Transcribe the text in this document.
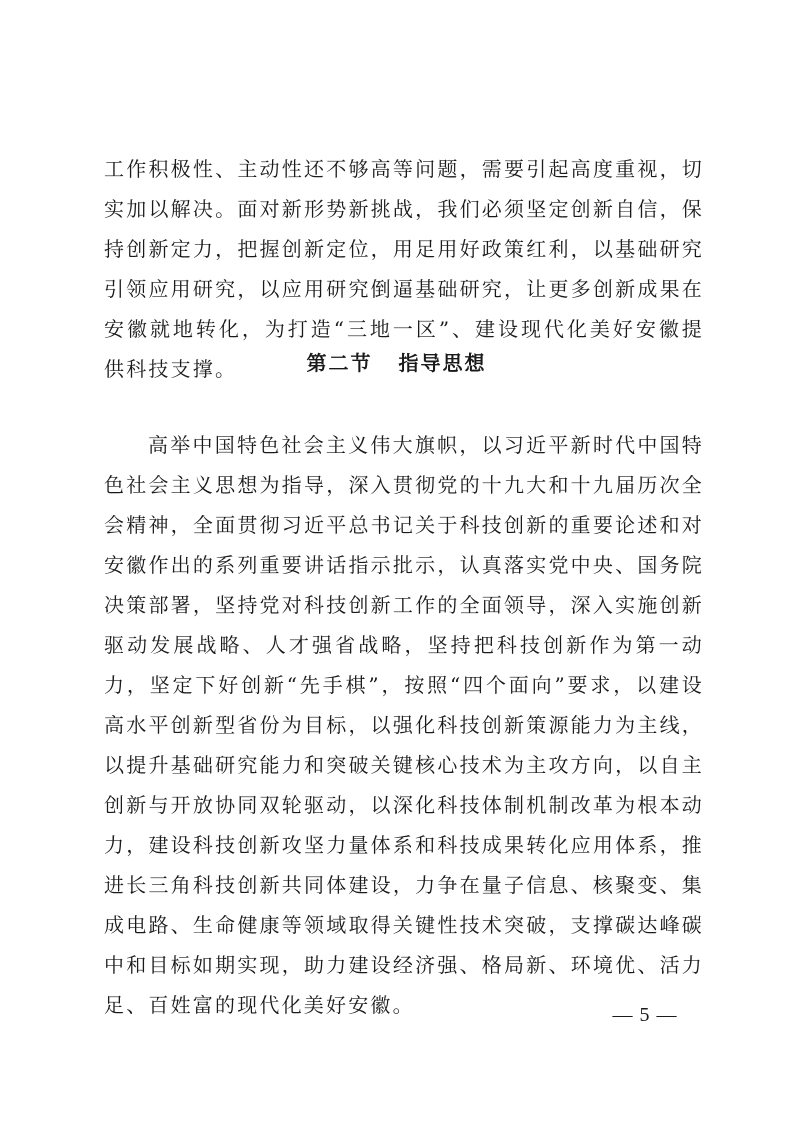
工作积极性、主动性还不够高等问题，需要引起高度重视，切实加以解决。面对新形势新挑战，我们必须坚定创新自信，保持创新定力，把握创新定位，用足用好政策红利，以基础研究引领应用研究，以应用研究倒逼基础研究，让更多创新成果在安徽就地转化，为打造“三地一区”、建设现代化美好安徽提供科技支撑。	第二节 指导思想

高举中国特色社会主义伟大旗帜，以习近平新时代中国特色社会主义思想为指导，深入贯彻党的十九大和十九届历次全会精神，全面贯彻习近平总书记关于科技创新的重要论述和对安徽作出的系列重要讲话指示批示，认真落实党中央、国务院决策部署，坚持党对科技创新工作的全面领导，深入实施创新驱动发展战略、人才强省战略，坚持把科技创新作为第一动力，坚定下好创新“先手棋”，按照“四个面向”要求，以建设高水平创新型省份为目标，以强化科技创新策源能力为主线，以提升基础研究能力和突破关键核心技术为主攻方向，以自主创新与开放协同双轮驱动，以深化科技体制机制改革为根本动力，建设科技创新攻坚力量体系和科技成果转化应用体系，推进长三角科技创新共同体建设，力争在量子信息、核聚变、集成电路、生命健康等领域取得关键性技术突破，支撑碳达峰碳中和目标如期实现，助力建设经济强、格局新、环境优、活力足、百姓富的现代化美好安徽。	— 5 —
